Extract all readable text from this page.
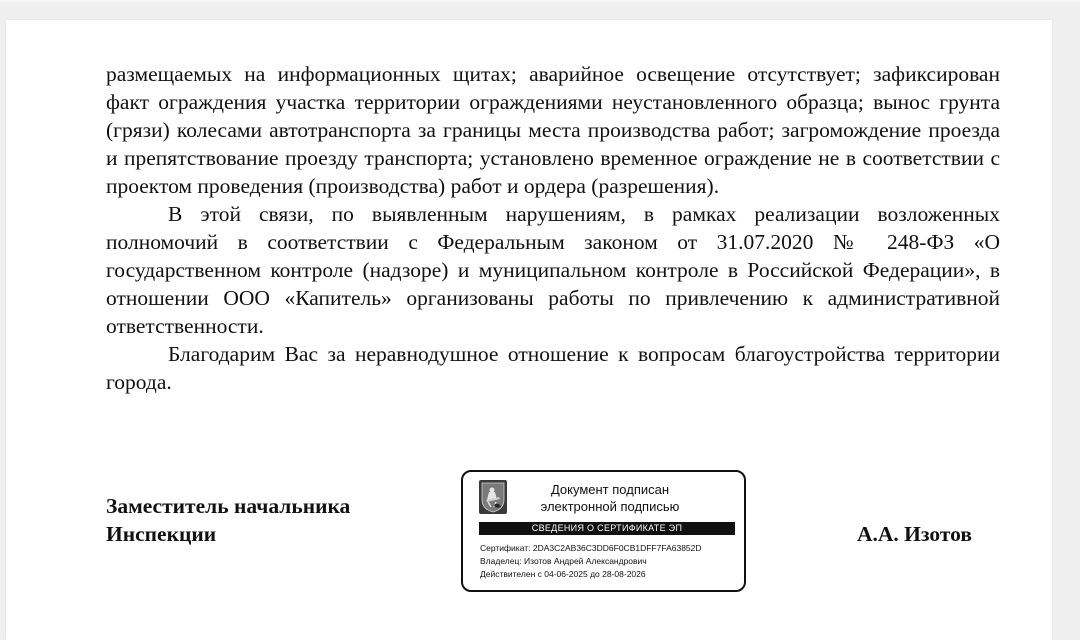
размещаемых на информационных щитах; аварийное освещение отсутствует; зафиксирован факт ограждения участка территории ограждениями неустановленного образца; вынос грунта (грязи) колесами автотранспорта за границы места производства работ; загромождение проезда и препятствование проезду транспорта; установлено временное ограждение не в соответствии с проектом проведения (производства) работ и ордера (разрешения).

В этой связи, по выявленным нарушениям, в рамках реализации возложенных полномочий в соответствии с Федеральным законом от 31.07.2020 № 248-ФЗ «О государственном контроле (надзоре) и муниципальном контроле в Российской Федерации», в отношении ООО «Капитель» организованы работы по привлечению к административной ответственности.

Благодарим Вас за неравнодушное отношение к вопросам благоустройства территории города.

Заместитель начальника
Инспекции
Документ подписан
электронной подписью
СВЕДЕНИЯ О СЕРТИФИКАТЕ ЭП
Сертификат: 2DA3C2AB36C3DD6F0CB1DFF7FA63852D
Владелец: Изотов Андрей Александрович
Действителен с 04-06-2025 до 28-08-2026
А.А. Изотов
